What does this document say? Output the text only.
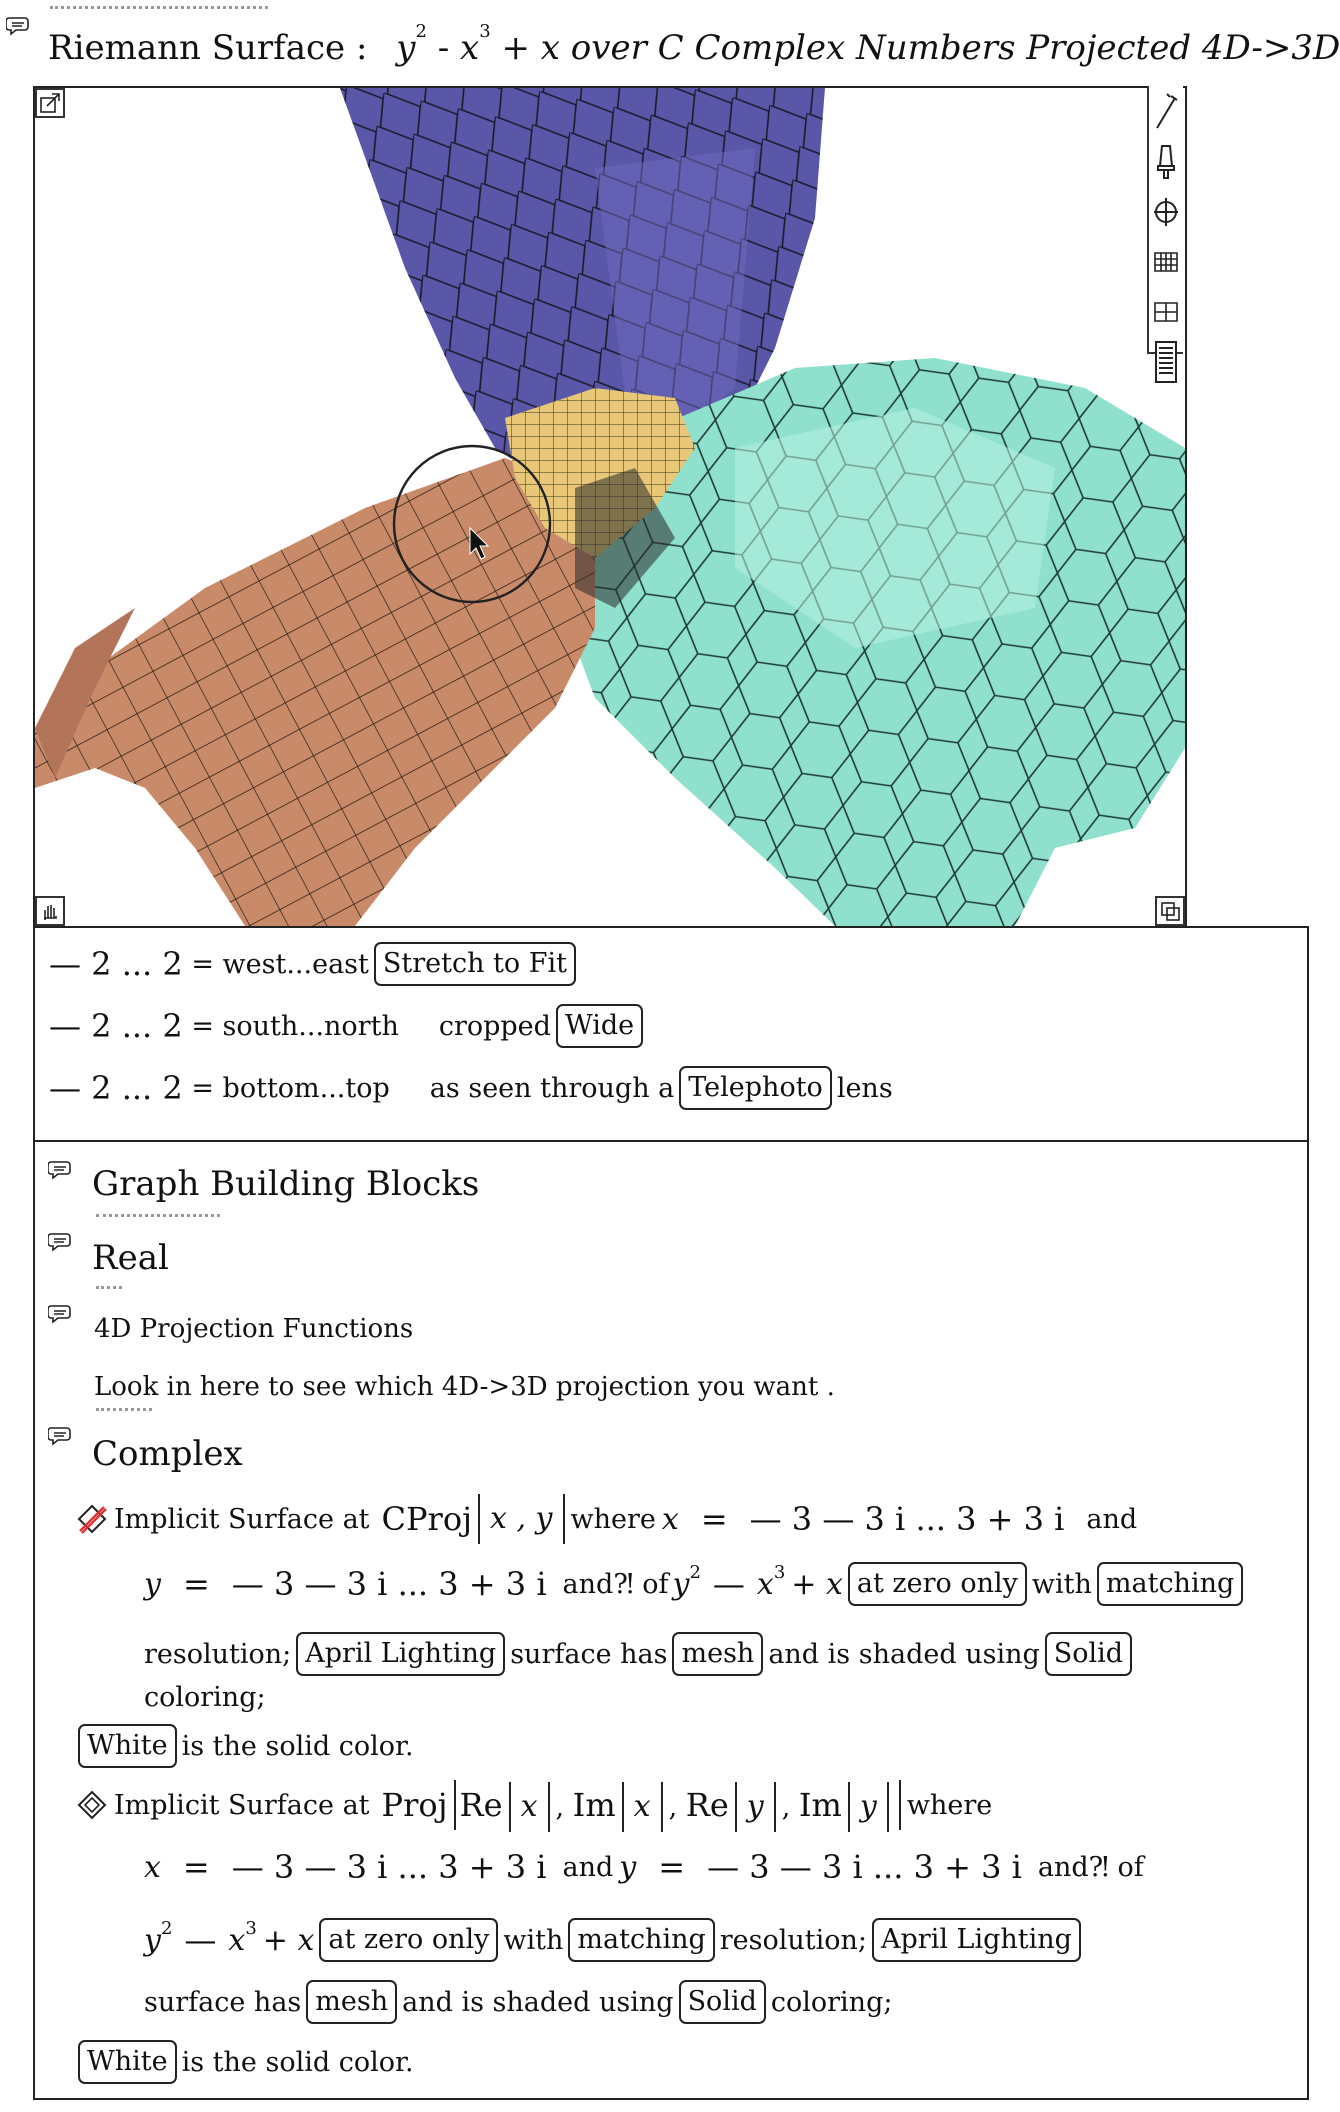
Riemann Surface : $y^2 - x^3 + x$ over C Complex Numbers Projected 4D->3D
— 2 ... 2
= west...east Stretch to Fit
— 2 ... 2
= south...north cropped Wide
— 2 ... 2
= bottom...top as seen through a Telephoto lens
Graph Building Blocks
Real
4D Projection Functions
Look in here to see which 4D->3D projection you want .
Complex
Implicit Surface at CProj x , y where x = — 3 — 3 i ... 3 + 3 i and
y = — 3 — 3 i ... 3 + 3 i and⁈ of $y^2$ — $x^3 + x$ at zero only with matching
resolution; April Lighting surface has mesh and is shaded using Solid
coloring;
White is the solid color.
Implicit Surface at Proj Re x , Im x , Re y , Im y	where
x = — 3 — 3 i ... 3 + 3 i and y = — 3 — 3 i ... 3 + 3 i and⁈ of
$y^2$ — $x^3 + x$ at zero only with matching resolution; April Lighting
surface has mesh and is shaded using Solid coloring;
White is the solid color.
